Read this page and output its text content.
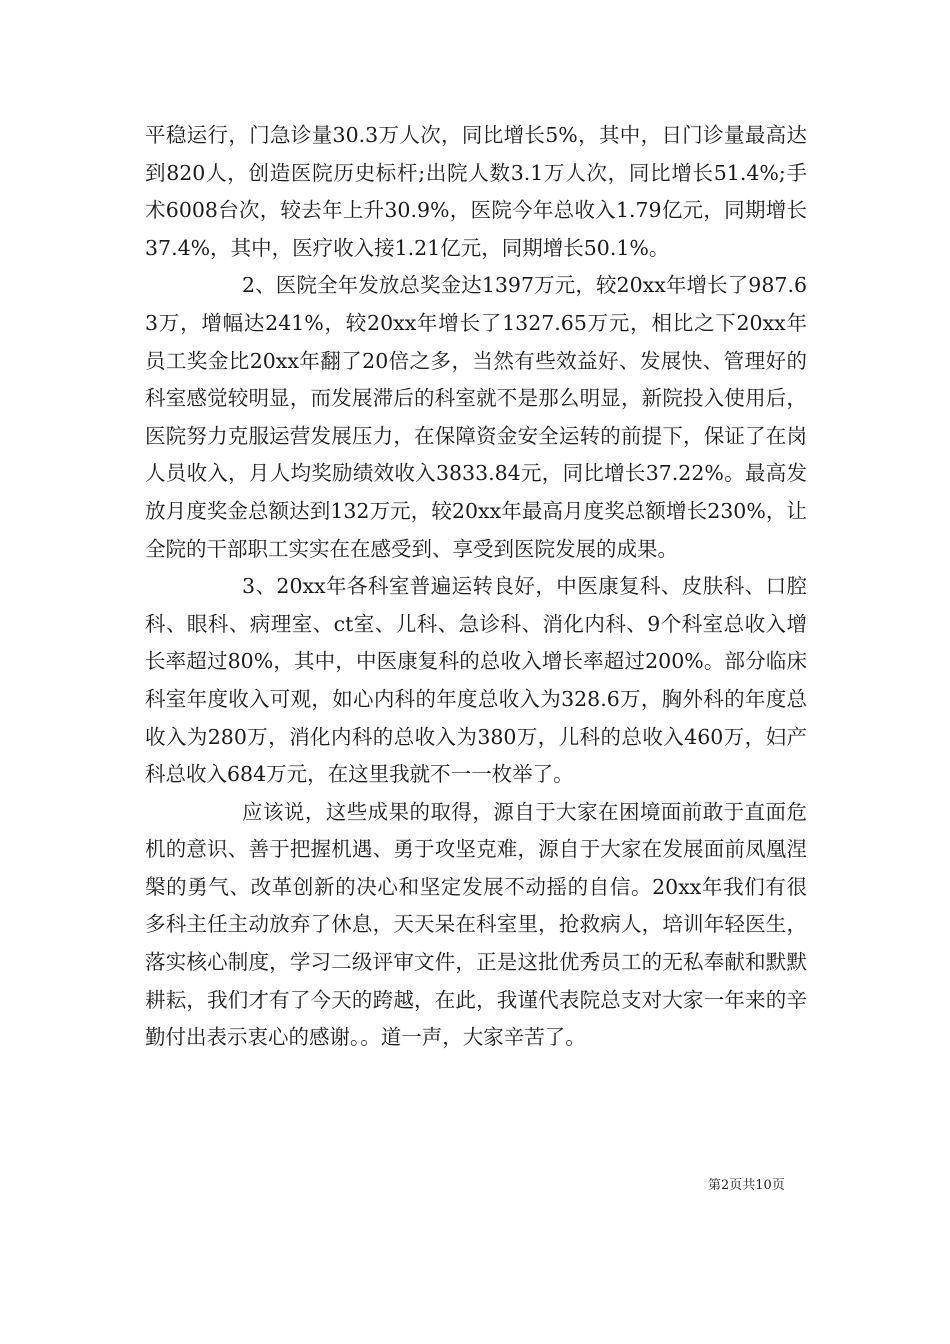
平稳运行，门急诊量30.3万人次，同比增长5%，其中，日门诊量最高达到820人，创造医院历史标杆;出院人数3.1万人次，同比增长51.4%;手术6008台次，较去年上升30.9%，医院今年总收入1.79亿元，同期增长37.4%，其中，医疗收入接1.21亿元，同期增长50.1%。

2、医院全年发放总奖金达1397万元，较20xx年增长了987.63万，增幅达241%，较20xx年增长了1327.65万元，相比之下20xx年员工奖金比20xx年翻了20倍之多，当然有些效益好、发展快、管理好的科室感觉较明显，而发展滞后的科室就不是那么明显，新院投入使用后，医院努力克服运营发展压力，在保障资金安全运转的前提下，保证了在岗人员收入，月人均奖励绩效收入3833.84元，同比增长37.22%。最高发放月度奖金总额达到132万元，较20xx年最高月度奖总额增长230%，让全院的干部职工实实在在感受到、享受到医院发展的成果。

3、20xx年各科室普遍运转良好，中医康复科、皮肤科、口腔科、眼科、病理室、ct室、儿科、急诊科、消化内科、9个科室总收入增长率超过80%，其中，中医康复科的总收入增长率超过200%。部分临床科室年度收入可观，如心内科的年度总收入为328.6万，胸外科的年度总收入为280万，消化内科的总收入为380万，儿科的总收入460万，妇产科总收入684万元，在这里我就不一一枚举了。

应该说，这些成果的取得，源自于大家在困境面前敢于直面危机的意识、善于把握机遇、勇于攻坚克难，源自于大家在发展面前凤凰涅槃的勇气、改革创新的决心和坚定发展不动摇的自信。20xx年我们有很多科主任主动放弃了休息，天天呆在科室里，抢救病人，培训年轻医生，落实核心制度，学习二级评审文件，正是这批优秀员工的无私奉献和默默耕耘，我们才有了今天的跨越，在此，我谨代表院总支对大家一年来的辛勤付出表示衷心的感谢。。道一声，大家辛苦了。

第2页共10页
